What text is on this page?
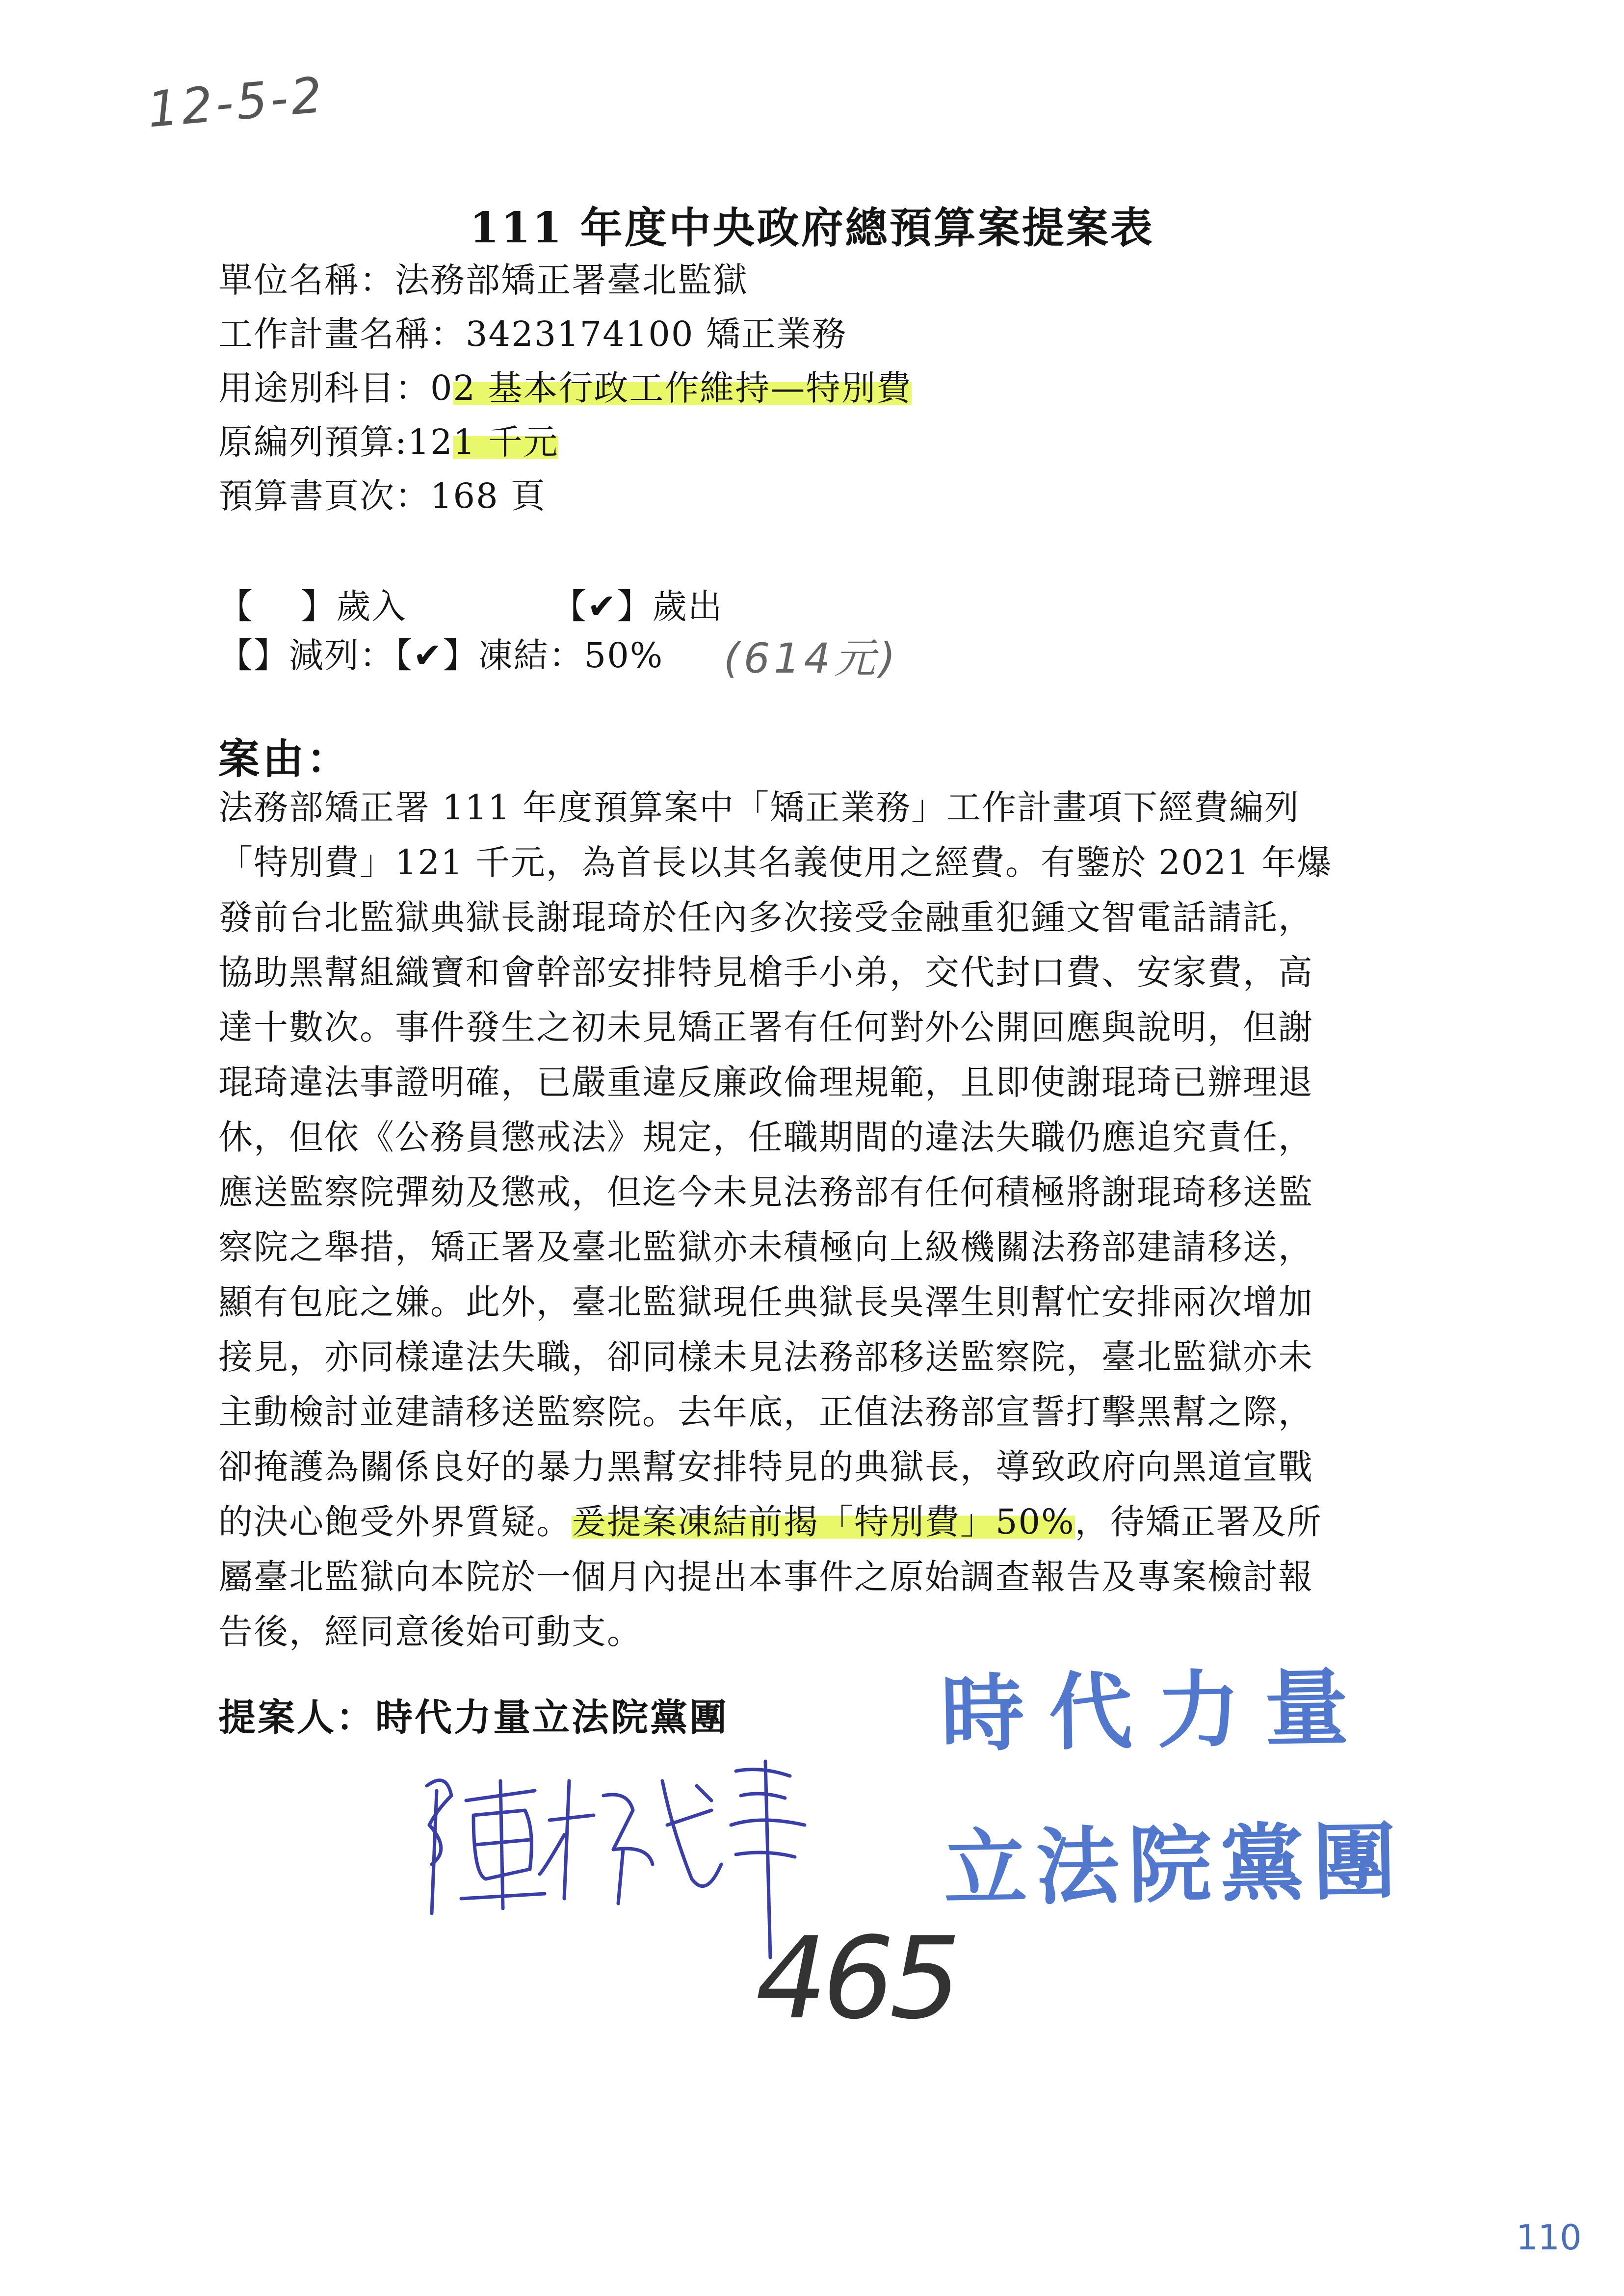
12-5-2
111 年度中央政府總預算案提案表
單位名稱：法務部矯正署臺北監獄
工作計畫名稱：3423174100 矯正業務
用途別科目：02 基本行政工作維持—特別費
原編列預算:121 千元
預算書頁次：168 頁
【　 】歲入	【✔】歲出
【】減列：【✔】凍結：50% (614元)
案由：
法務部矯正署 111 年度預算案中「矯正業務」工作計畫項下經費編列
「特別費」121 千元，為首長以其名義使用之經費。有鑒於 2021 年爆
發前台北監獄典獄長謝琨琦於任內多次接受金融重犯鍾文智電話請託，
協助黑幫組織寶和會幹部安排特見槍手小弟，交代封口費、安家費，高
達十數次。事件發生之初未見矯正署有任何對外公開回應與說明，但謝
琨琦違法事證明確，已嚴重違反廉政倫理規範，且即使謝琨琦已辦理退
休，但依《公務員懲戒法》規定，任職期間的違法失職仍應追究責任，
應送監察院彈劾及懲戒，但迄今未見法務部有任何積極將謝琨琦移送監
察院之舉措，矯正署及臺北監獄亦未積極向上級機關法務部建請移送，
顯有包庇之嫌。此外，臺北監獄現任典獄長吳澤生則幫忙安排兩次增加
接見，亦同樣違法失職，卻同樣未見法務部移送監察院，臺北監獄亦未
主動檢討並建請移送監察院。去年底，正值法務部宣誓打擊黑幫之際，
卻掩護為關係良好的暴力黑幫安排特見的典獄長，導致政府向黑道宣戰
的決心飽受外界質疑。爰提案凍結前揭「特別費」50%，待矯正署及所
屬臺北監獄向本院於一個月內提出本事件之原始調查報告及專案檢討報
告後，經同意後始可動支。
提案人：時代力量立法院黨團	時代力量
立法院黨團
465
110
